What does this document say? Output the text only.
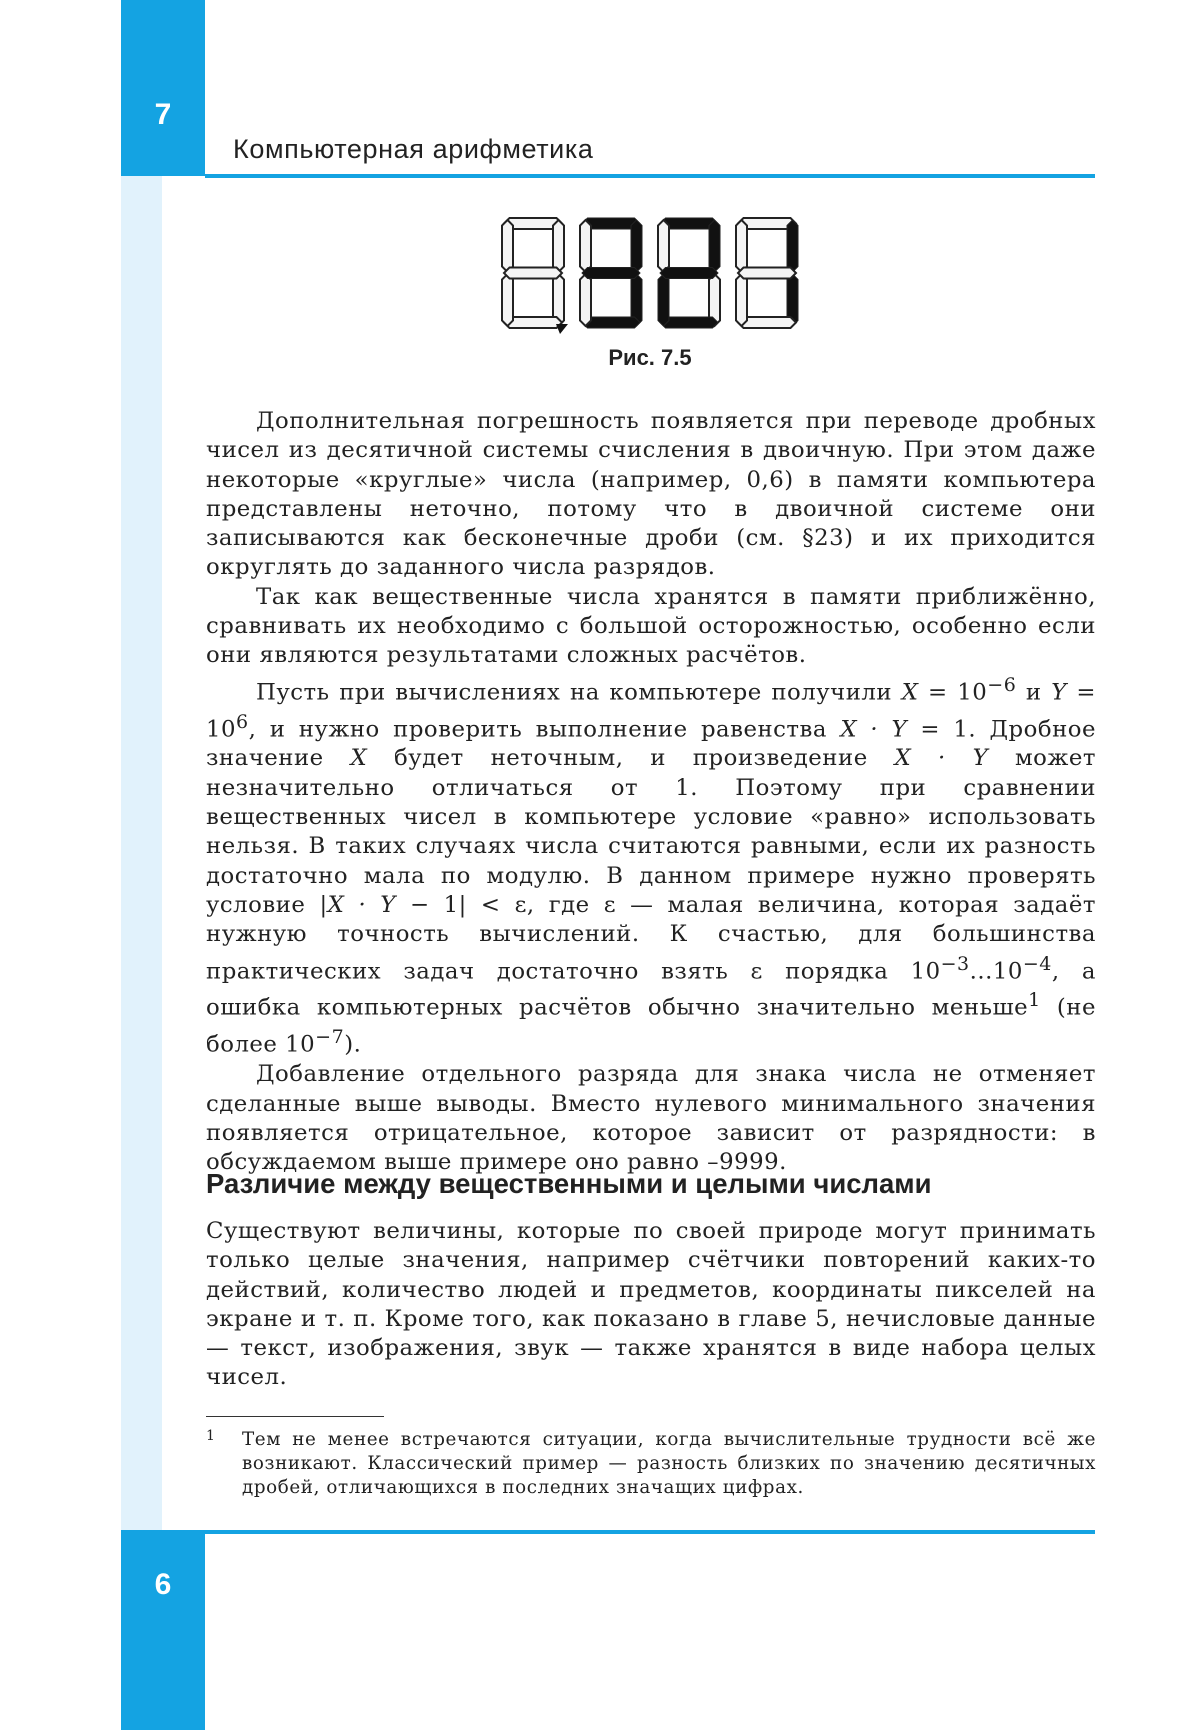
7
Компьютерная арифметика
Рис. 7.5

Дополнительная погрешность появляется при переводе дробных чисел из десятичной системы счисления в двоичную. При этом даже некоторые «круглые» числа (например, 0,6) в памяти компьютера представлены неточно, потому что в двоичной системе они записываются как бесконечные дроби (см. §23) и их приходится округлять до заданного числа разрядов.

Так как вещественные числа хранятся в памяти приближённо, сравнивать их необходимо с большой осторожностью, особенно если они являются результатами сложных расчётов.

Пусть при вычислениях на компьютере получили $X = 10^{-6}$ и $Y = 10^6$, и нужно проверить выполнение равенства X · Y = 1. Дробное значение X будет неточным, и произведение X · Y может незначительно отличаться от 1. Поэтому при сравнении вещественных чисел в компьютере условие «равно» использовать нельзя. В таких случаях числа считаются равными, если их разность достаточно мала по модулю. В данном примере нужно проверять условие |X · Y − 1| < ε, где ε — малая величина, которая задаёт нужную точность вычислений. К счастью, для большинства практических задач достаточно взять ε порядка $10^{-3}...10^{-4}$, а ошибка компьютерных расчётов обычно значительно меньше$^1$ (не более $10^{-7}$).

Добавление отдельного разряда для знака числа не отменяет сделанные выше выводы. Вместо нулевого минимального значения появляется отрицательное, которое зависит от разрядности: в обсуждаемом выше примере оно равно –9999.

Различие между вещественными и целыми числами

Существуют величины, которые по своей природе могут принимать только целые значения, например счётчики повторений каких-то действий, количество людей и предметов, координаты пикселей на экране и т. п. Кроме того, как показано в главе 5, нечисловые данные — текст, изображения, звук — также хранятся в виде набора целых чисел.

1 Тем не менее встречаются ситуации, когда вычислительные трудности всё же возникают. Классический пример — разность близких по значению десятичных дробей, отличающихся в последних значащих цифрах.
6
